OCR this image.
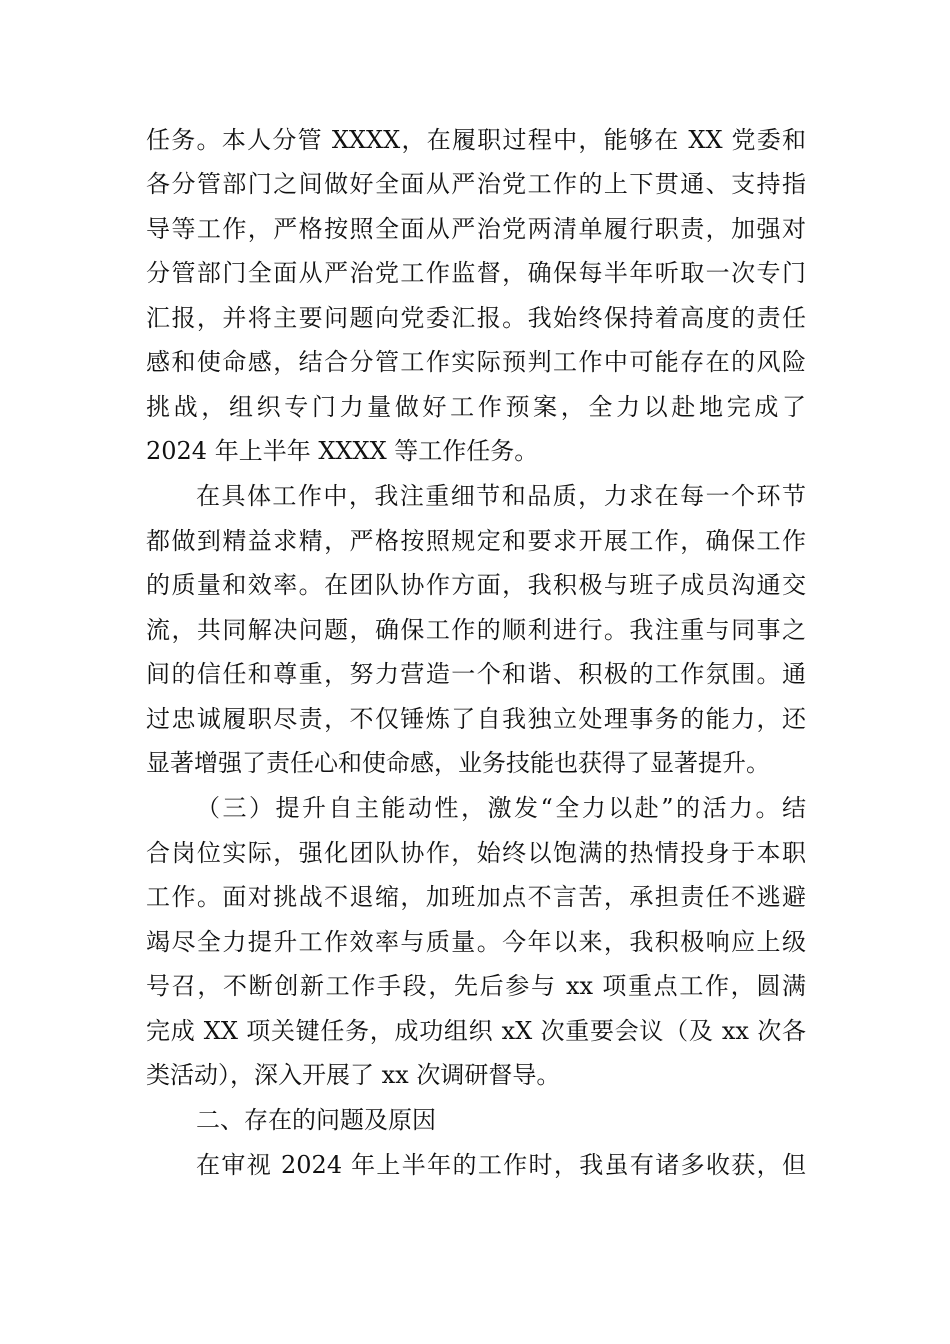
任务。本人分管 XXXX，在履职过程中，能够在 XX 党委和
各分管部门之间做好全面从严治党工作的上下贯通、支持指
导等工作，严格按照全面从严治党两清单履行职责，加强对
分管部门全面从严治党工作监督，确保每半年听取一次专门
汇报，并将主要问题向党委汇报。我始终保持着高度的责任
感和使命感，结合分管工作实际预判工作中可能存在的风险
挑战，组织专门力量做好工作预案，全力以赴地完成了
2024 年上半年 XXXX 等工作任务。
在具体工作中，我注重细节和品质，力求在每一个环节
都做到精益求精，严格按照规定和要求开展工作，确保工作
的质量和效率。在团队协作方面，我积极与班子成员沟通交
流，共同解决问题，确保工作的顺利进行。我注重与同事之
间的信任和尊重，努力营造一个和谐、积极的工作氛围。通
过忠诚履职尽责，不仅锤炼了自我独立处理事务的能力，还
显著增强了责任心和使命感，业务技能也获得了显著提升。
（三）提升自主能动性，激发“全力以赴”的活力。结
合岗位实际，强化团队协作，始终以饱满的热情投身于本职
工作。面对挑战不退缩，加班加点不言苦，承担责任不逃避
竭尽全力提升工作效率与质量。今年以来，我积极响应上级
号召，不断创新工作手段，先后参与 xx 项重点工作，圆满
完成 XX 项关键任务，成功组织 xX 次重要会议（及 xx 次各
类活动），深入开展了 xx 次调研督导。
二、存在的问题及原因
在审视 2024 年上半年的工作时，我虽有诸多收获，但
